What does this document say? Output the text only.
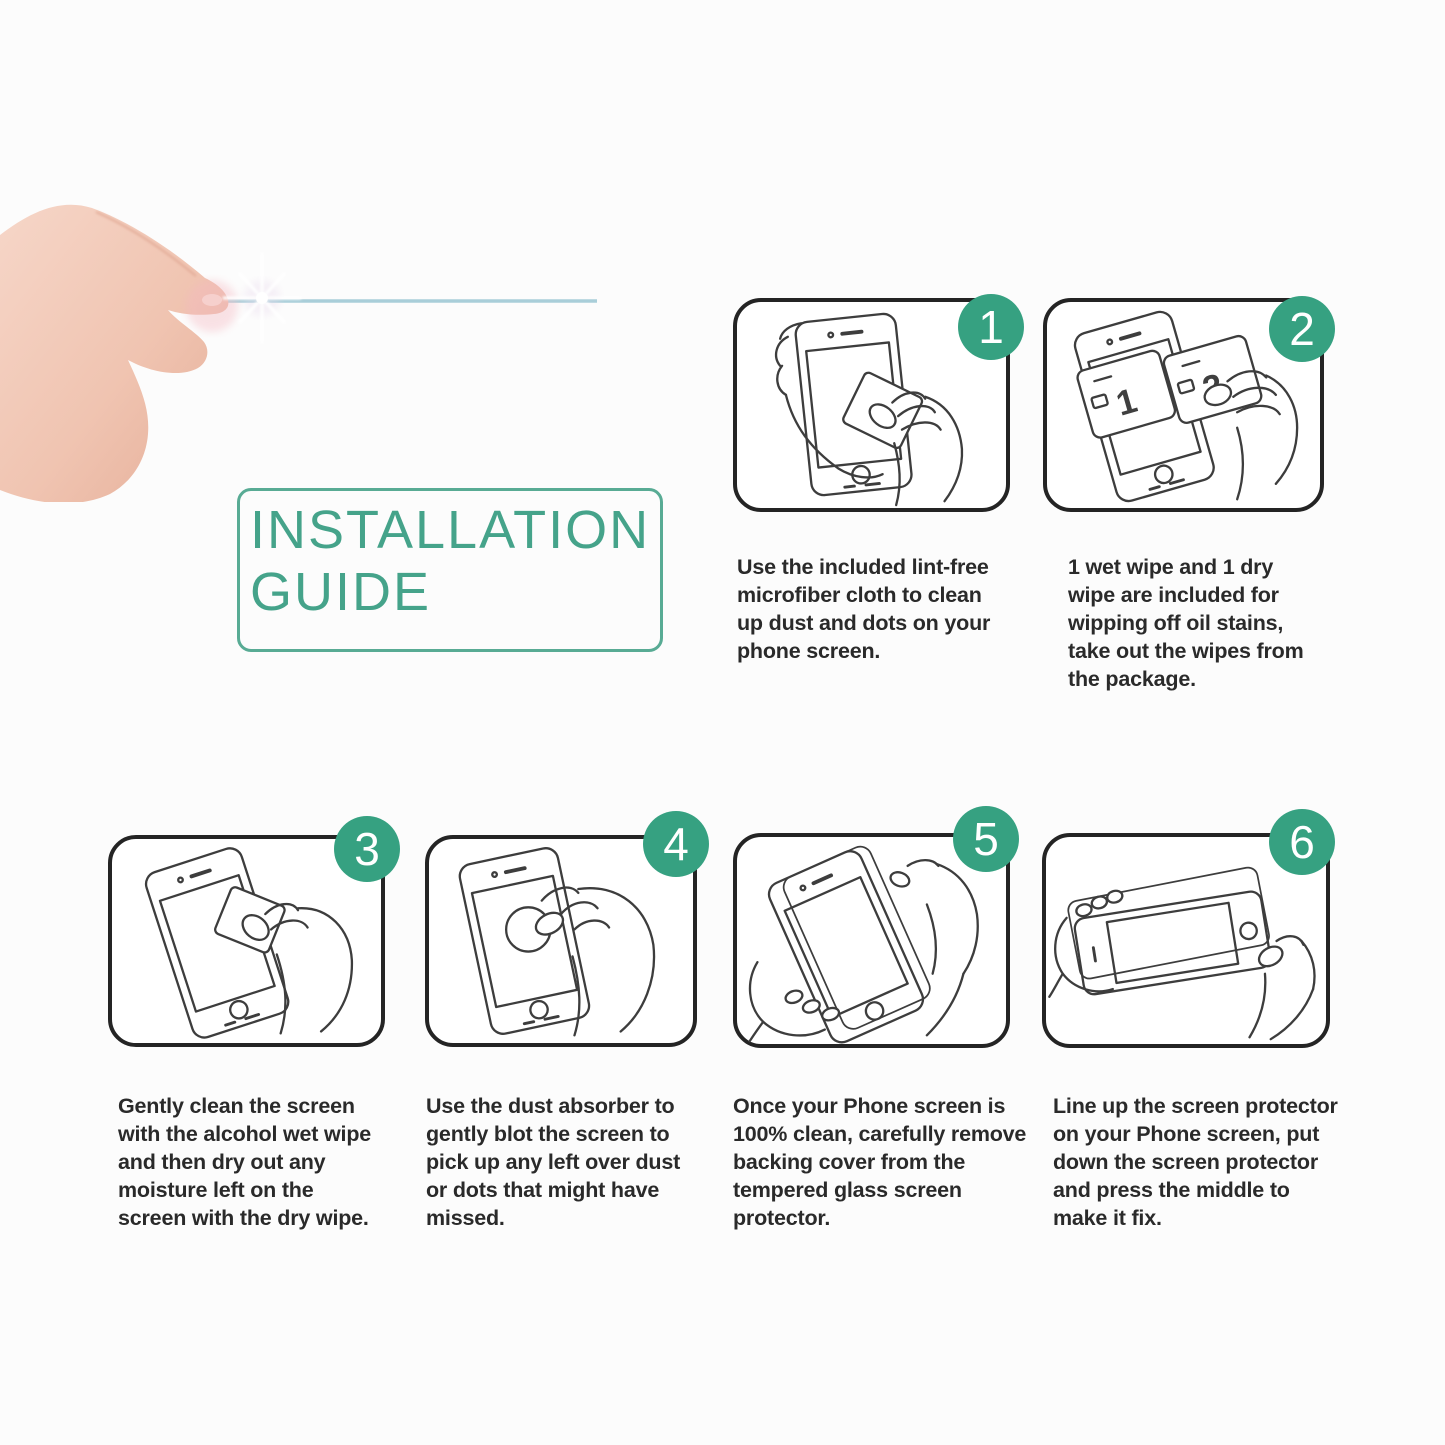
INSTALLATION
GUIDE
1
1
2
3	4	5	6
Use the included lint-free
microfiber cloth to clean
up dust and dots on your
phone screen.
1 wet wipe and 1 dry
wipe are included for
wipping off oil stains,
take out the wipes from
the package.
Gently clean the screen
with the alcohol wet wipe
and then dry out any
moisture left on the
screen with the dry wipe.
Use the dust absorber to
gently blot the screen to
pick up any left over dust
or dots that might have
missed.
Once your Phone screen is
100% clean, carefully remove
backing cover from the
tempered glass screen
protector.
Line up the screen protector
on your Phone screen, put
down the screen protector
and press the middle to
make it fix.
